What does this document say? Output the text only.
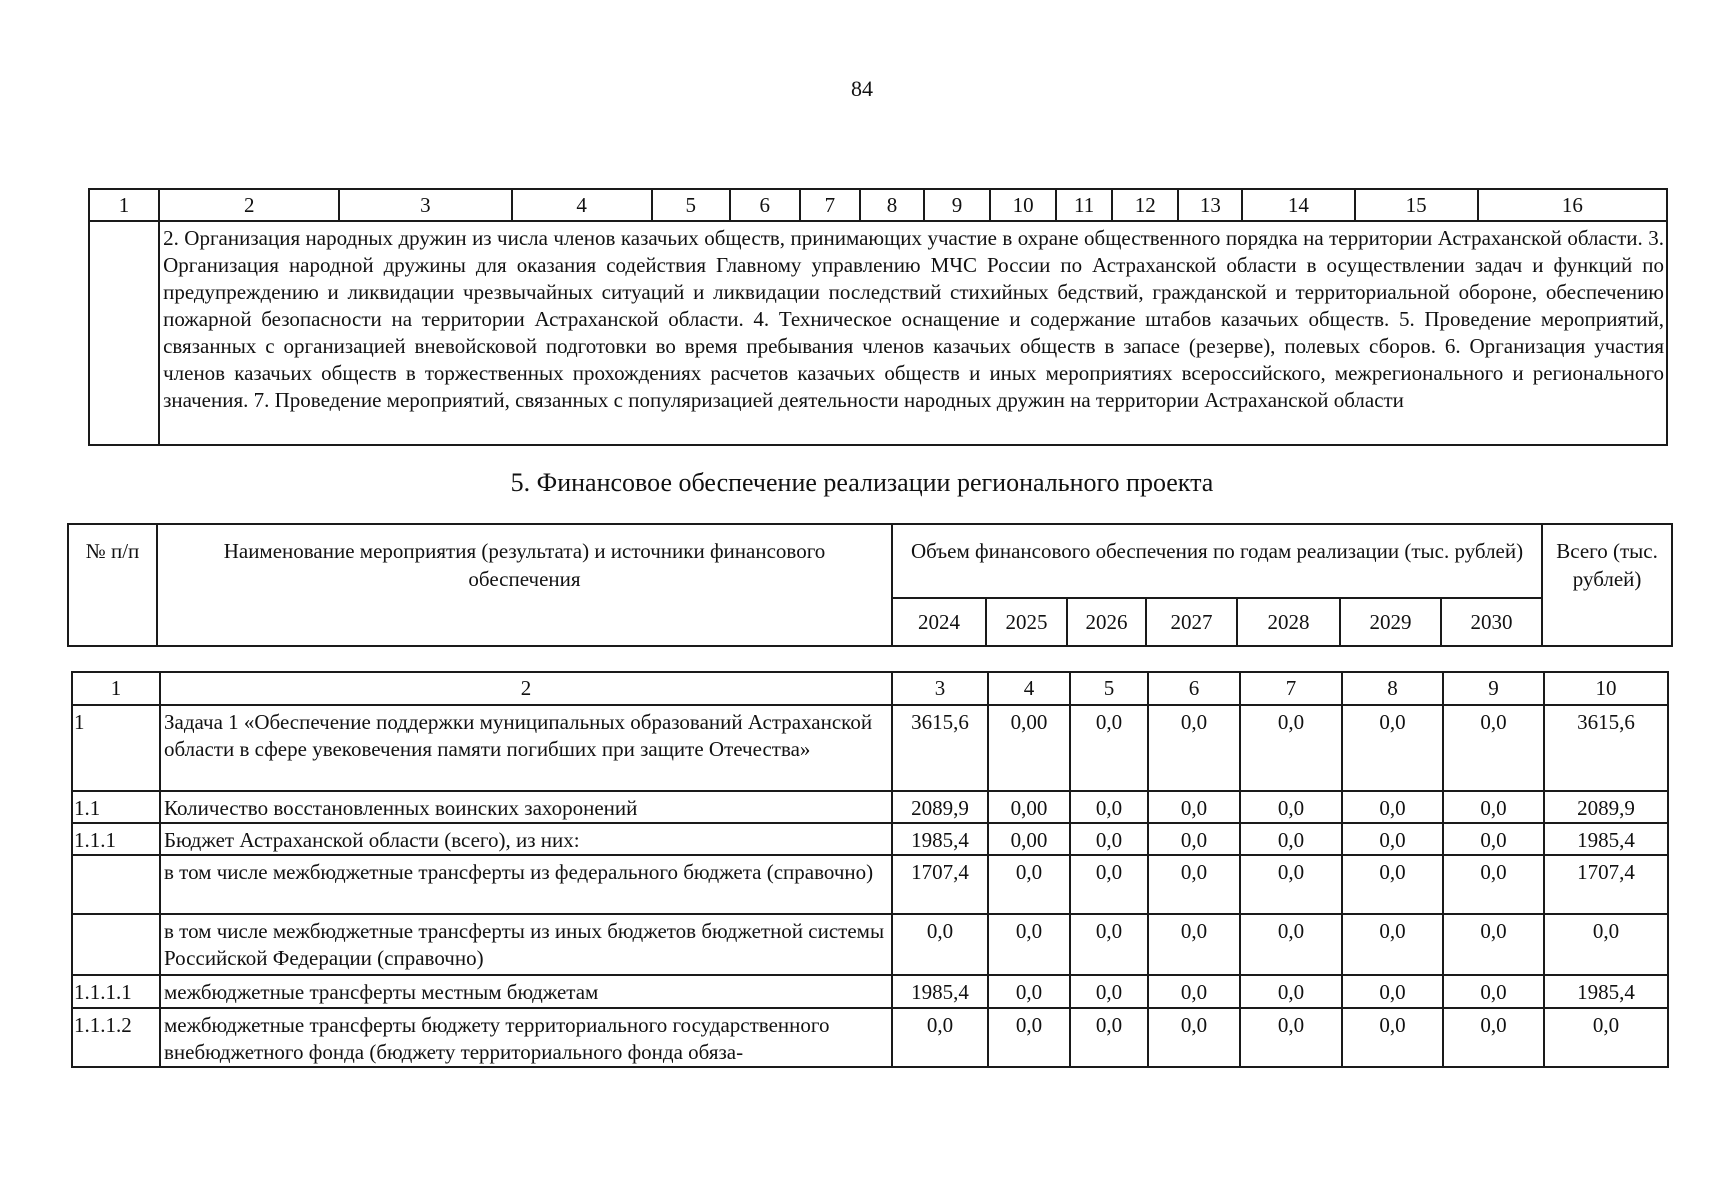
84
1	2	3	4	5	6	7	8	9	10	11	12	13	14	15	16

	2. Организация народных дружин из числа членов казачьих обществ, принимающих участие в охране общественного порядка на территории Астраханской области. 3. Организация народной дружины для оказания содействия Главному управлению МЧС России по Астраханской области в осуществлении задач и функций по предупреждению и ликвидации чрезвычайных ситуаций и ликвидации последствий стихийных бедствий, гражданской и территориальной обороне, обеспечению пожарной безопасности на территории Астраханской области. 4. Техническое оснащение и содержание штабов казачьих обществ. 5. Проведение мероприятий, связанных с организацией вневойсковой подготовки во время пребывания членов казачьих обществ в запасе (резерве), полевых сборов. 6. Организация участия членов казачьих обществ в торжественных прохождениях расчетов казачьих обществ и иных мероприятиях всероссийского, межрегионального и регионального значения. 7. Проведение мероприятий, связанных с популяризацией деятельности народных дружин на территории Астраханской области														
5. Финансовое обеспечение реализации регионального проекта
№ п/п	Наименование мероприятия (результата) и источники финансового обеспечения	Объем финансового обеспечения по годам реализации (тыс. рублей)							Всего (тыс. рублей)
		2024	2025	2026	2027	2028	2029	2030	
1	2	3	4	5	6	7	8	9	10
1	Задача 1 «Обеспечение поддержки муниципальных образований Астраханской области в сфере увековечения памяти погибших при защите Отечества»	3615,6	0,00	0,0	0,0	0,0	0,0	0,0	3615,6
1.1	Количество восстановленных воинских захоронений	2089,9	0,00	0,0	0,0	0,0	0,0	0,0	2089,9
1.1.1	Бюджет Астраханской области (всего), из них:	1985,4	0,00	0,0	0,0	0,0	0,0	0,0	1985,4
	в том числе межбюджетные трансферты из федерального бюджета (справочно)	1707,4	0,0	0,0	0,0	0,0	0,0	0,0	1707,4
	в том числе межбюджетные трансферты из иных бюджетов бюджетной системы Российской Федерации (справочно)	0,0	0,0	0,0	0,0	0,0	0,0	0,0	0,0
1.1.1.1	межбюджетные трансферты местным бюджетам	1985,4	0,0	0,0	0,0	0,0	0,0	0,0	1985,4
1.1.1.2	межбюджетные трансферты бюджету территориального государственного внебюджетного фонда (бюджету территориального фонда обяза-	0,0	0,0	0,0	0,0	0,0	0,0	0,0	0,0
